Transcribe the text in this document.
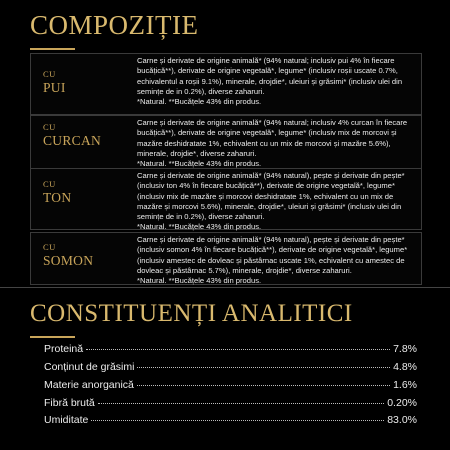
COMPOZIȚIE
CU
PUI
Carne și derivate de origine animală* (94% natural; inclusiv pui 4% în fiecare bucățică**), derivate de origine vegetală*, legume* (inclusiv roșii uscate 0.7%, echivalentul a roșii 9.1%), minerale, drojdie*, uleiuri și grăsimi* (inclusiv ulei din semințe de in 0.2%), diverse zaharuri.
*Natural. **Bucățele 43% din produs.
CU
CURCAN
Carne și derivate de origine animală* (94% natural; inclusiv 4% curcan în fiecare bucățică**), derivate de origine vegetală*, legume* (inclusiv mix de morcovi și mazăre deshidratate 1%, echivalent cu un mix de morcovi și mazăre 5.6%), minerale, drojdie*, diverse zaharuri.
*Natural. **Bucățele 43% din produs.
CU
TON
Carne și derivate de origine animală* (94% natural), pește și derivate din pește* (inclusiv ton 4% în fiecare bucățică**), derivate de origine vegetală*, legume* (inclusiv mix de mazăre și morcovi deshidratate 1%, echivalent cu un mix de mazăre și morcovi 5.6%), minerale, drojdie*, uleiuri și grăsimi* (inclusiv ulei din semințe de in 0.2%), diverse zaharuri.
*Natural. **Bucățele 43% din produs.
CU
SOMON
Carne și derivate de origine animală* (94% natural), pește și derivate din pește* (inclusiv somon 4% în fiecare bucățică**), derivate de origine vegetală*, legume* (inclusiv amestec de dovleac și păstârnac uscate 1%, echivalent cu amestec de dovleac și păstârnac 5.7%), minerale, drojdie*, diverse zaharuri.
*Natural. **Bucățele 43% din produs.
CONSTITUENȚI ANALITICI
Proteină	7.8%
Conținut de grăsimi	4.8%
Materie anorganică	1.6%
Fibră brută	0.20%
Umiditate	83.0%
